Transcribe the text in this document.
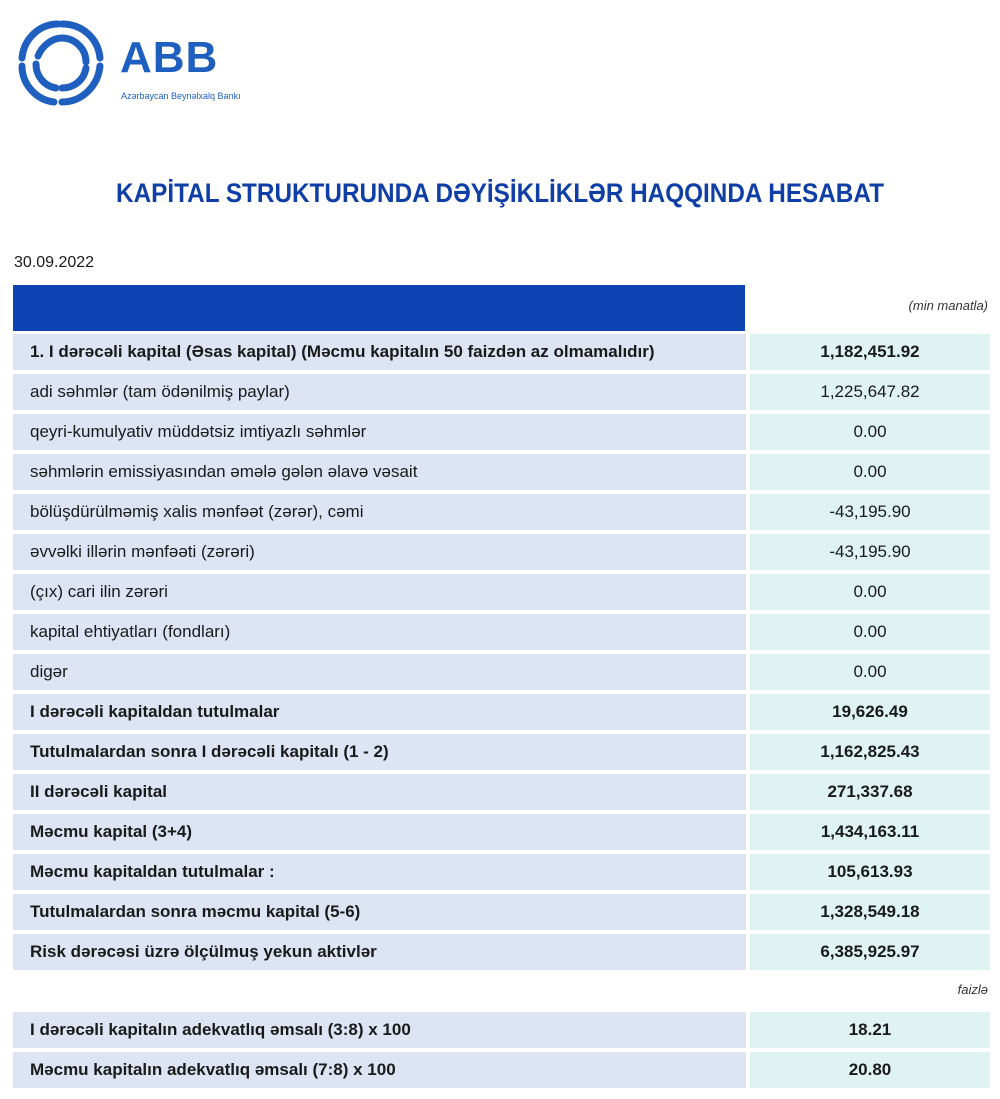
ABB
Azərbaycan Beynəlxalq Bankı
KAPİTAL STRUKTURUNDA DƏYİŞİKLİKLƏR HAQQINDA HESABAT
30.09.2022
(min manatla)
1. I dərəcəli kapital (Əsas kapital) (Məcmu kapitalın 50 faizdən az olmamalıdır)	1,182,451.92
adi səhmlər (tam ödənilmiş paylar)	1,225,647.82
qeyri-kumulyativ müddətsiz imtiyazlı səhmlər	0.00
səhmlərin emissiyasından əmələ gələn əlavə vəsait	0.00
bölüşdürülməmiş xalis mənfəət (zərər), cəmi	-43,195.90
əvvəlki illərin mənfəəti (zərəri)	-43,195.90
(çıx) cari ilin zərəri	0.00
kapital ehtiyatları (fondları)	0.00
digər	0.00
I dərəcəli kapitaldan tutulmalar	19,626.49
Tutulmalardan sonra I dərəcəli kapitalı (1 - 2)	1,162,825.43
II dərəcəli kapital	271,337.68
Məcmu kapital (3+4)	1,434,163.11
Məcmu kapitaldan tutulmalar :	105,613.93
Tutulmalardan sonra məcmu kapital (5-6)	1,328,549.18
Risk dərəcəsi üzrə ölçülmuş yekun aktivlər	6,385,925.97
faizlə
I dərəcəli kapitalın adekvatlıq əmsalı (3:8) x 100	18.21
Məcmu kapitalın adekvatlıq əmsalı (7:8) x 100	20.80
